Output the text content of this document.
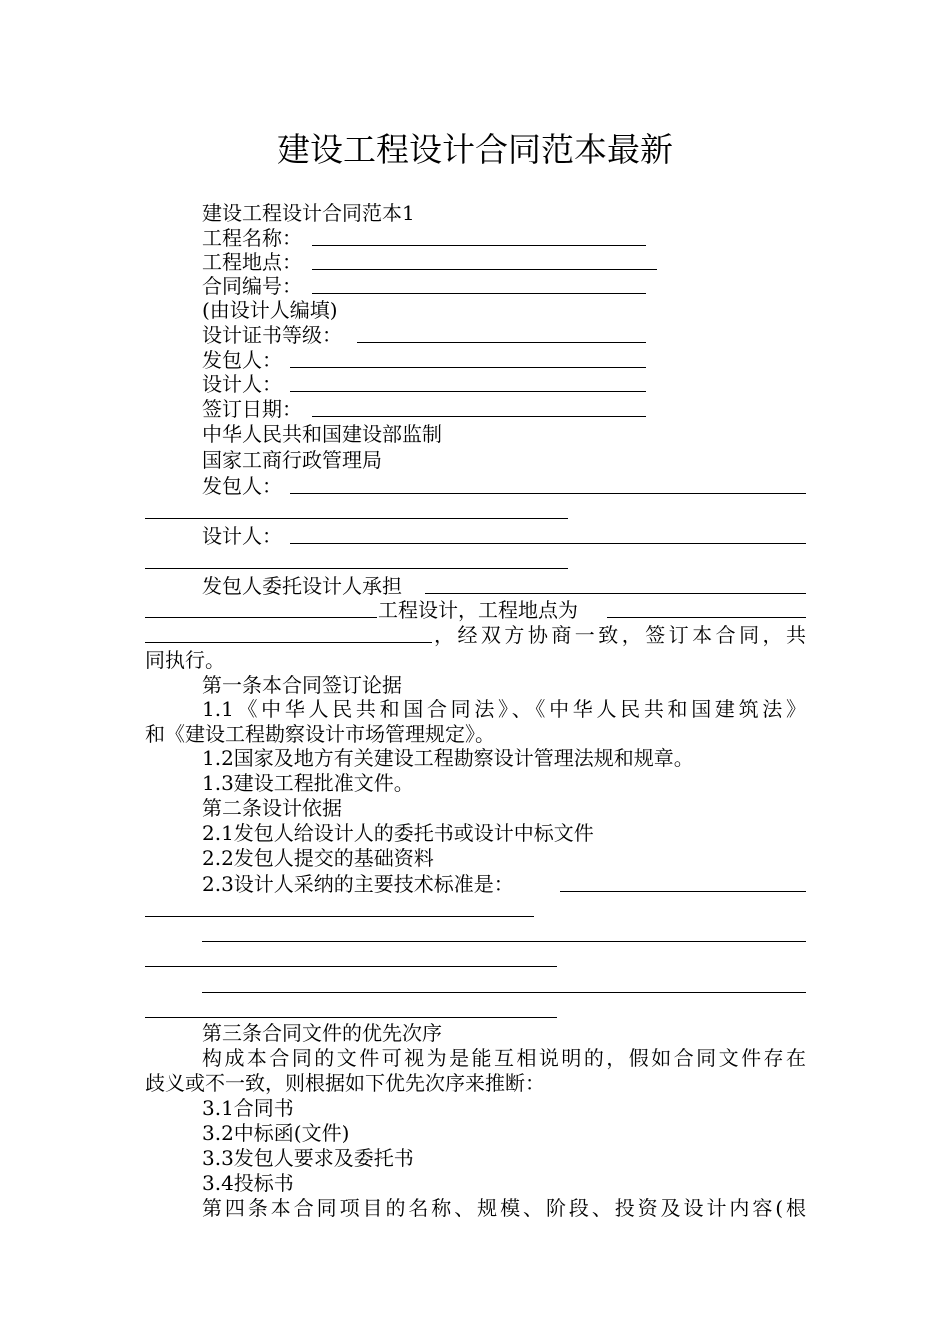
建设工程设计合同范本最新
建设工程设计合同范本1
工程名称：
工程地点：
合同编号：
(由设计人编填)
设计证书等级：
发包人：
设计人：
签订日期：
中华人民共和国建设部监制
国家工商行政管理局
发包人：
设计人：
发包人委托设计人承担
工程设计，工程地点为
，经双方协商一致，签订本合同，共
同执行。
第一条本合同签订论据
1.1《中华人民共和国合同法》、《中华人民共和国建筑法》
和《建设工程勘察设计市场管理规定》。
1.2国家及地方有关建设工程勘察设计管理法规和规章。
1.3建设工程批准文件。
第二条设计依据
2.1发包人给设计人的委托书或设计中标文件
2.2发包人提交的基础资料
2.3设计人采纳的主要技术标准是：
第三条合同文件的优先次序
构成本合同的文件可视为是能互相说明的，假如合同文件存在
歧义或不一致，则根据如下优先次序来推断：
3.1合同书
3.2中标函(文件)
3.3发包人要求及委托书
3.4投标书
第四条本合同项目的名称、规模、阶段、投资及设计内容(根
